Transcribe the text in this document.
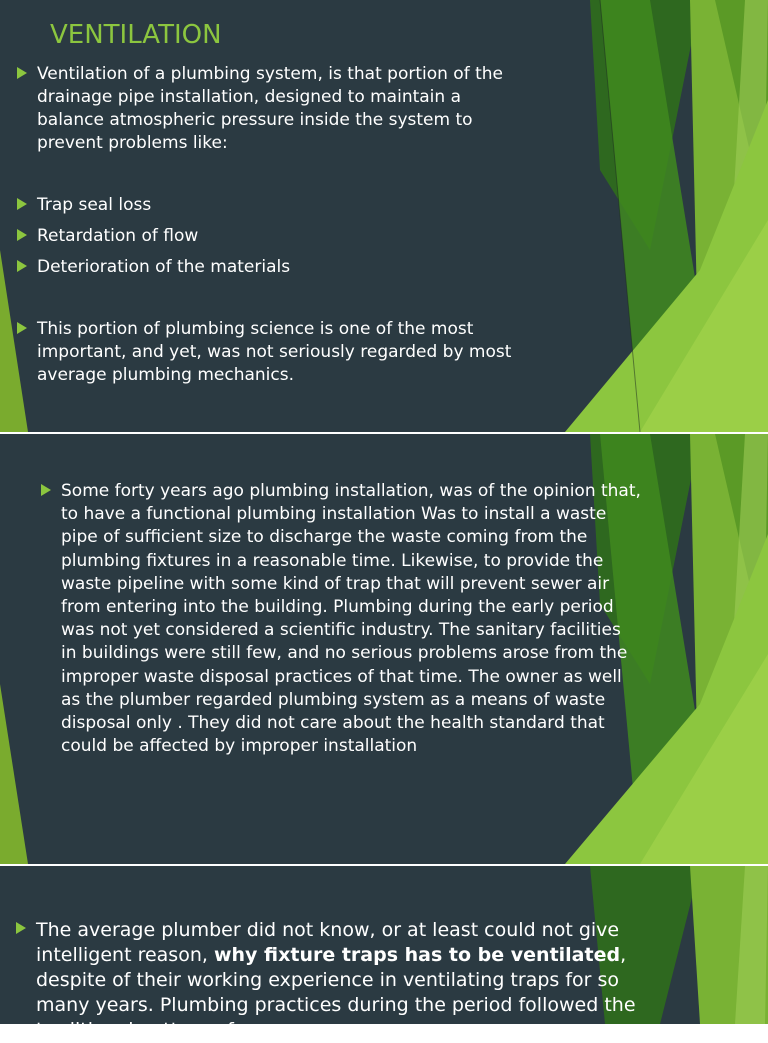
VENTILATION

Ventilation of a plumbing system, is that portion of the drainage pipe installation, designed to maintain a balance atmospheric pressure inside the system to prevent problems like:

Trap seal loss

Retardation of flow

Deterioration of the materials

This portion of plumbing science is one of the most important, and yet, was not seriously regarded by most average plumbing mechanics.

Some forty years ago plumbing installation, was of the opinion that, to have a functional plumbing installation Was to install a waste pipe of sufficient size to discharge the waste coming from the plumbing fixtures in a reasonable time. Likewise, to provide the waste pipeline with some kind of trap that will prevent sewer air from entering into the building. Plumbing during the early period was not yet considered a scientific industry. The sanitary facilities in buildings were still few, and no serious problems arose from the improper waste disposal practices of that time. The owner as well as the plumber regarded plumbing system as a means of waste disposal only . They did not care about the health standard that could be affected by improper installation

The average plumber did not know, or at least could not give intelligent reason, why fixture traps has to be ventilated, despite of their working experience in ventilating traps for so many years. Plumbing practices during the period followed the traditional pattern of
